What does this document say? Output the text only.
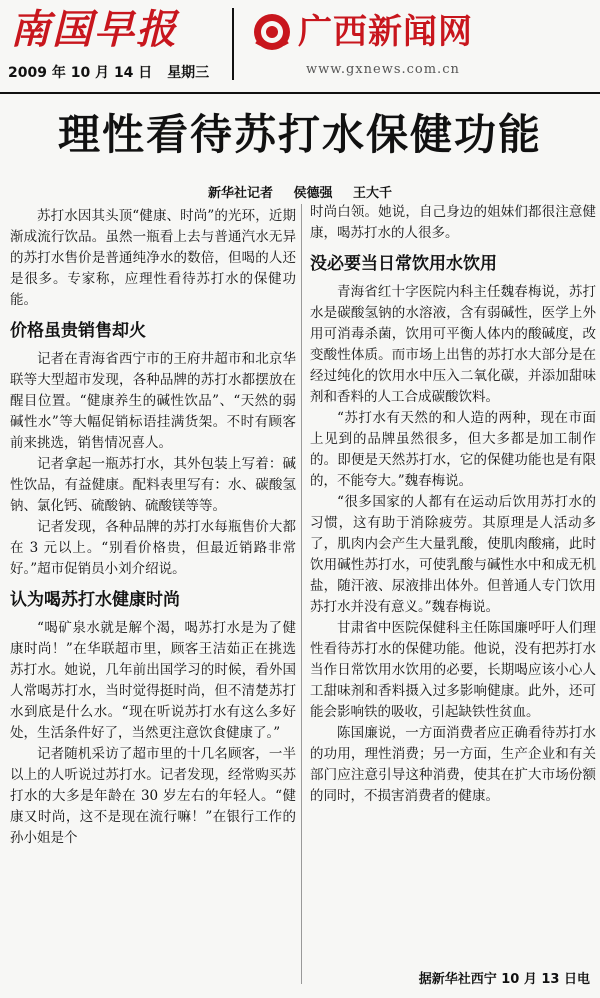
南国早报
2009 年 10 月 14 日 星期三
广西新闻网
www.gxnews.com.cn
理性看待苏打水保健功能
新华社记者 侯德强 王大千

苏打水因其头顶“健康、时尚”的光环，近期渐成流行饮品。虽然一瓶看上去与普通汽水无异的苏打水售价是普通纯净水的数倍，但喝的人还是很多。专家称，应理性看待苏打水的保健功能。

价格虽贵销售却火

记者在青海省西宁市的王府井超市和北京华联等大型超市发现，各种品牌的苏打水都摆放在醒目位置。“健康养生的碱性饮品”、“天然的弱碱性水”等大幅促销标语挂满货架。不时有顾客前来挑选，销售情况喜人。

记者拿起一瓶苏打水，其外包装上写着：碱性饮品，有益健康。配料表里写有：水、碳酸氢钠、氯化钙、硫酸钠、硫酸镁等等。

记者发现，各种品牌的苏打水每瓶售价大都在 3 元以上。“别看价格贵，但最近销路非常好。”超市促销员小刘介绍说。

认为喝苏打水健康时尚

“喝矿泉水就是解个渴，喝苏打水是为了健康时尚！”在华联超市里，顾客王洁茹正在挑选苏打水。她说，几年前出国学习的时候，看外国人常喝苏打水，当时觉得挺时尚，但不清楚苏打水到底是什么水。“现在听说苏打水有这么多好处，生活条件好了，当然更注意饮食健康了。”

记者随机采访了超市里的十几名顾客，一半以上的人听说过苏打水。记者发现，经常购买苏打水的大多是年龄在 30 岁左右的年轻人。“健康又时尚，这不是现在流行嘛！”在银行工作的孙小姐是个

时尚白领。她说，自己身边的姐妹们都很注意健康，喝苏打水的人很多。

没必要当日常饮用水饮用

青海省红十字医院内科主任魏春梅说，苏打水是碳酸氢钠的水溶液，含有弱碱性，医学上外用可消毒杀菌，饮用可平衡人体内的酸碱度，改变酸性体质。而市场上出售的苏打水大部分是在经过纯化的饮用水中压入二氧化碳，并添加甜味剂和香料的人工合成碳酸饮料。

“苏打水有天然的和人造的两种，现在市面上见到的品牌虽然很多，但大多都是加工制作的。即便是天然苏打水，它的保健功能也是有限的，不能夸大。”魏春梅说。

“很多国家的人都有在运动后饮用苏打水的习惯，这有助于消除疲劳。其原理是人活动多了，肌肉内会产生大量乳酸，使肌肉酸痛，此时饮用碱性苏打水，可使乳酸与碱性水中和成无机盐，随汗液、尿液排出体外。但普通人专门饮用苏打水并没有意义。”魏春梅说。

甘肃省中医院保健科主任陈国廉呼吁人们理性看待苏打水的保健功能。他说，没有把苏打水当作日常饮用水饮用的必要，长期喝应该小心人工甜味剂和香料摄入过多影响健康。此外，还可能会影响铁的吸收，引起缺铁性贫血。

陈国廉说，一方面消费者应正确看待苏打水的功用，理性消费；另一方面，生产企业和有关部门应注意引导这种消费，使其在扩大市场份额的同时，不损害消费者的健康。

据新华社西宁 10 月 13 日电
